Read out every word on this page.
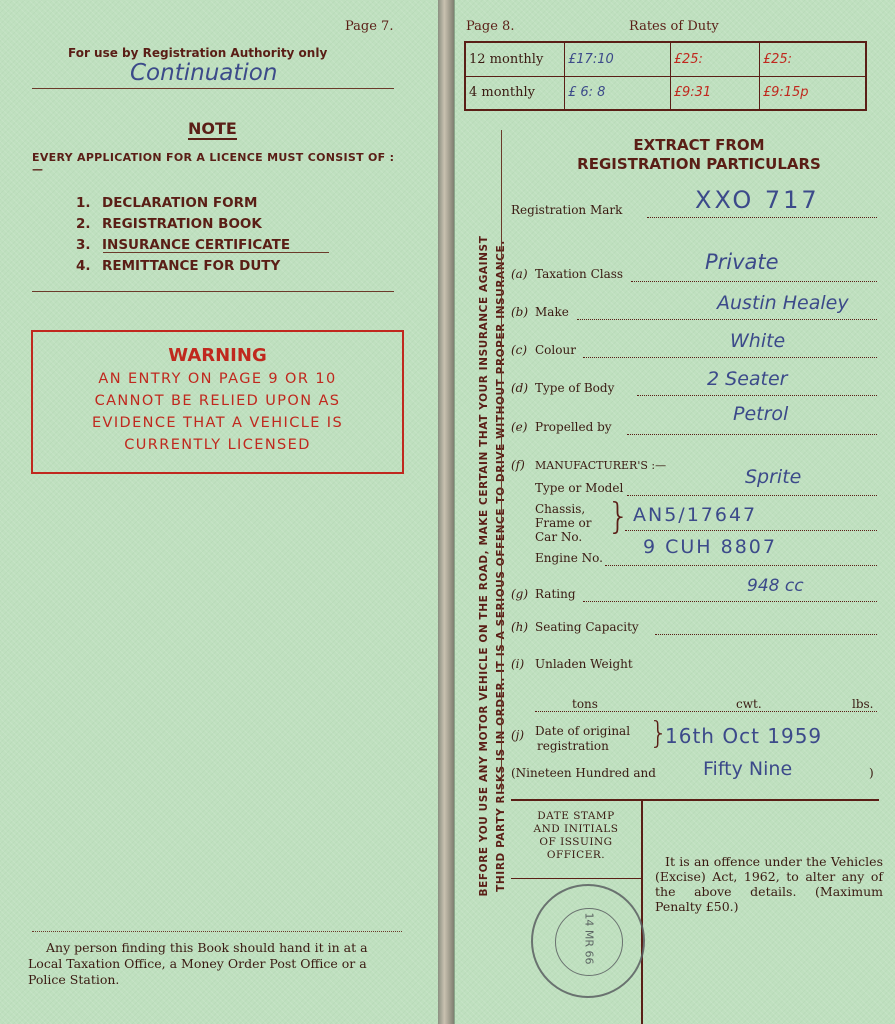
Page 7.
For use by Registration Authority only
Continuation
NOTE
EVERY APPLICATION FOR A LICENCE MUST CONSIST OF :—
1. DECLARATION FORM
2. REGISTRATION BOOK
3. INSURANCE CERTIFICATE
4. REMITTANCE FOR DUTY
WARNING
AN ENTRY ON PAGE 9 OR 10
CANNOT BE RELIED UPON AS
EVIDENCE THAT A VEHICLE IS
CURRENTLY LICENSED
Any person finding this Book should hand it in at a Local Taxation Office, a Money Order Post Office or a Police Station.
Page 8.	Rates of Duty
12 monthly	£17:10	£25:	£25:
4 monthly	£ 6: 8	£9:31	£9:15p
BEFORE YOU USE ANY MOTOR VEHICLE ON THE ROAD, MAKE CERTAIN THAT YOUR INSURANCE AGAINST THIRD PARTY RISKS IS IN ORDER. IT IS A SERIOUS OFFENCE TO DRIVE WITHOUT PROPER INSURANCE.
EXTRACT FROM
REGISTRATION PARTICULARS
Registration Mark	XXO 717
(a) Taxation Class	Private
(b) Make	Austin Healey
(c) Colour	White
(d) Type of Body	2 Seater
(e) Propelled by
Petrol
(f) MANUFACTURER'S :—
Type or Model	Sprite
Chassis,
Frame or
Car No. } AN5/17647
Engine No. 9 CUH 8807
(g) Rating	948 cc
(h) Seating Capacity
(i) Unladen Weight
tons	cwt.	lbs.
(j) Date of original
registration	}
16th Oct 1959
(Nineteen Hundred and Fifty Nine	)
DATE STAMP
AND INITIALS
OF ISSUING
OFFICER.
14 MR 66
It is an offence under the Vehicles (Excise) Act, 1962, to alter any of the above details. (Maximum Penalty £50.)
